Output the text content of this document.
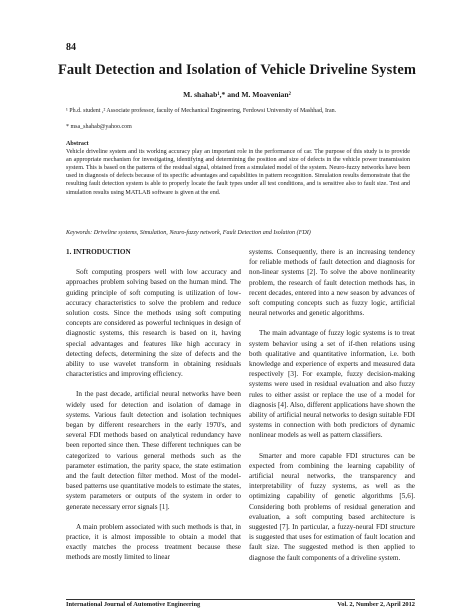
84
Fault Detection and Isolation of Vehicle Driveline System
M. shahab¹,* and M. Moavenian²
¹ Ph.d. student ,² Associate professor, faculty of Mechanical Engineering, Ferdowsi University of Mashhad, Iran.
* msa_shahab@yahoo.com
Abstract
Vehicle driveline system and its working accuracy play an important role in the performance of car. The purpose of this study is to provide an appropriate mechanism for investigating, identifying and determining the position and size of defects in the vehicle power transmission system. This is based on the patterns of the residual signal, obtained from a simulated model of the system. Neuro-fuzzy networks have been used in diagnosis of defects because of its specific advantages and capabilities in pattern recognition. Simulation results demonstrate that the resulting fault detection system is able to properly locate the fault types under all test conditions, and is sensitive also to fault size. Test and simulation results using MATLAB software is given at the end.
Keywords: Driveline systems, Simulation, Neuro-fuzzy network, Fault Detection and Isolation (FDI)
1. INTRODUCTION

Soft computing prospers well with low accuracy and approaches problem solving based on the human mind. The guiding principle of soft computing is utilization of low-accuracy characteristics to solve the problem and reduce solution costs. Since the methods using soft computing concepts are considered as powerful techniques in design of diagnostic systems, this research is based on it, having special advantages and features like high accuracy in detecting defects, determining the size of defects and the ability to use wavelet transform in obtaining residuals characteristics and improving efficiency.

In the past decade, artificial neural networks have been widely used for detection and isolation of damage in systems. Various fault detection and isolation techniques began by different researchers in the early 1970's, and several FDI methods based on analytical redundancy have been reported since then. These different techniques can be categorized to various general methods such as the parameter estimation, the parity space, the state estimation and the fault detection filter method. Most of the model-based patterns use quantitative models to estimate the states, system parameters or outputs of the system in order to generate necessary error signals [1].

A main problem associated with such methods is that, in practice, it is almost impossible to obtain a model that exactly matches the process treatment because these methods are mostly limited to linear

systems. Consequently, there is an increasing tendency for reliable methods of fault detection and diagnosis for non-linear systems [2]. To solve the above nonlinearity problem, the research of fault detection methods has, in recent decades, entered into a new season by advances of soft computing concepts such as fuzzy logic, artificial neural networks and genetic algorithms.

The main advantage of fuzzy logic systems is to treat system behavior using a set of if-then relations using both qualitative and quantitative information, i.e. both knowledge and experience of experts and measured data respectively [3]. For example, fuzzy decision-making systems were used in residual evaluation and also fuzzy rules to either assist or replace the use of a model for diagnosis [4]. Also, different applications have shown the ability of artificial neural networks to design suitable FDI systems in connection with both predictors of dynamic nonlinear models as well as pattern classifiers.

Smarter and more capable FDI structures can be expected from combining the learning capability of artificial neural networks, the transparency and interpretability of fuzzy systems, as well as the optimizing capability of genetic algorithms [5,6]. Considering both problems of residual generation and evaluation, a soft computing based architecture is suggested [7]. In particular, a fuzzy-neural FDI structure is suggested that uses for estimation of fault location and fault size. The suggested method is then applied to diagnose the fault components of a driveline system.

International Journal of Automotive Engineering	Vol. 2, Number 2, April 2012
